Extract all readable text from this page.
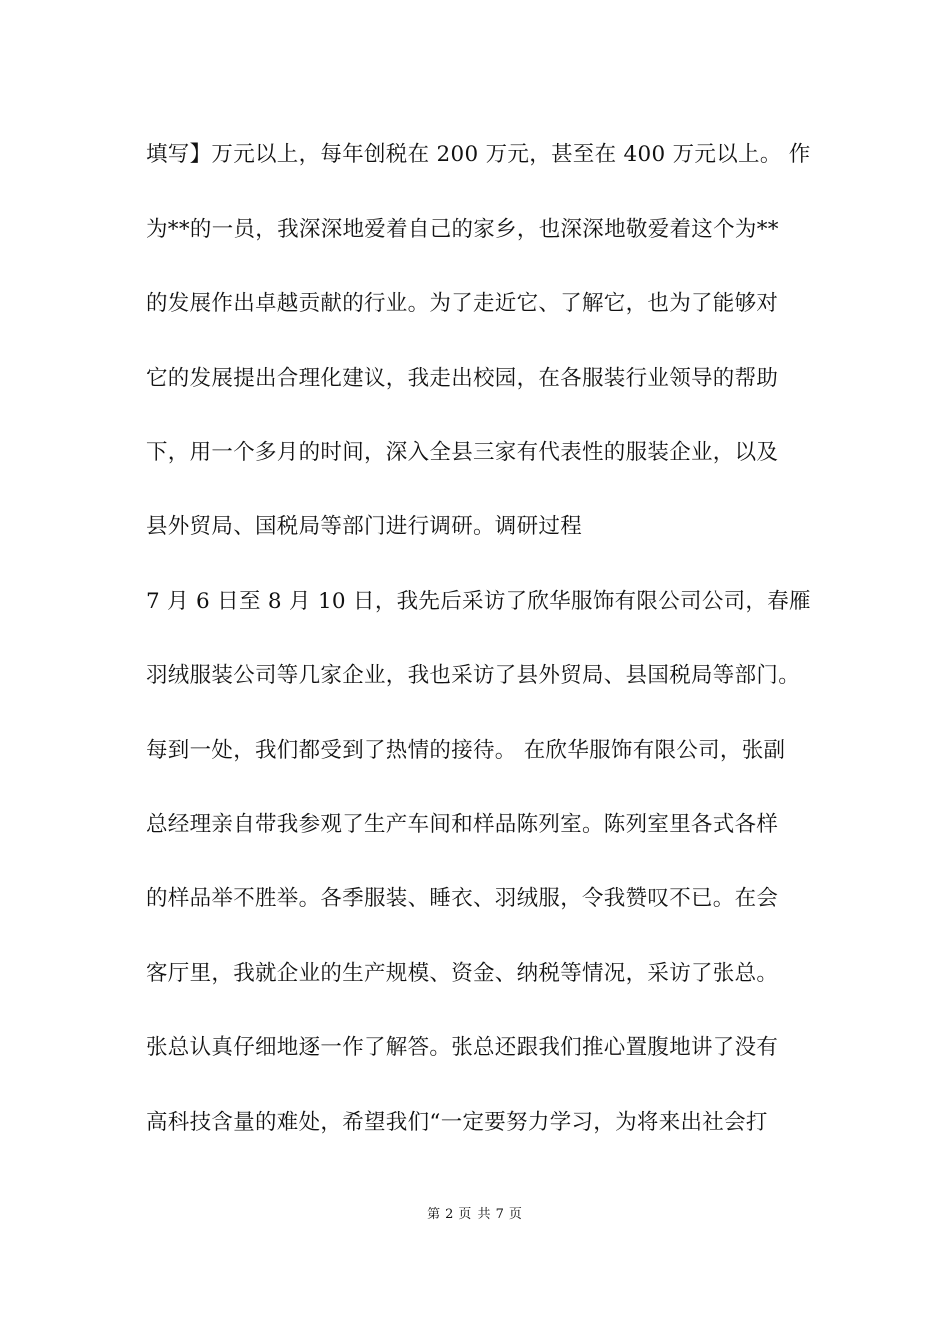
填写】万元以上，每年创税在 200 万元，甚至在 400 万元以上。 作
为**的一员，我深深地爱着自己的家乡，也深深地敬爱着这个为**
的发展作出卓越贡献的行业。为了走近它、了解它，也为了能够对
它的发展提出合理化建议，我走出校园，在各服装行业领导的帮助
下，用一个多月的时间，深入全县三家有代表性的服装企业，以及
县外贸局、国税局等部门进行调研。调研过程
7 月 6 日至 8 月 10 日，我先后采访了欣华服饰有限公司公司，春雁
羽绒服装公司等几家企业，我也采访了县外贸局、县国税局等部门。
每到一处，我们都受到了热情的接待。 在欣华服饰有限公司，张副
总经理亲自带我参观了生产车间和样品陈列室。陈列室里各式各样
的样品举不胜举。各季服装、睡衣、羽绒服，令我赞叹不已。在会
客厅里，我就企业的生产规模、资金、纳税等情况，采访了张总。
张总认真仔细地逐一作了解答。张总还跟我们推心置腹地讲了没有
高科技含量的难处，希望我们“一定要努力学习，为将来出社会打
第 2 页 共 7 页
